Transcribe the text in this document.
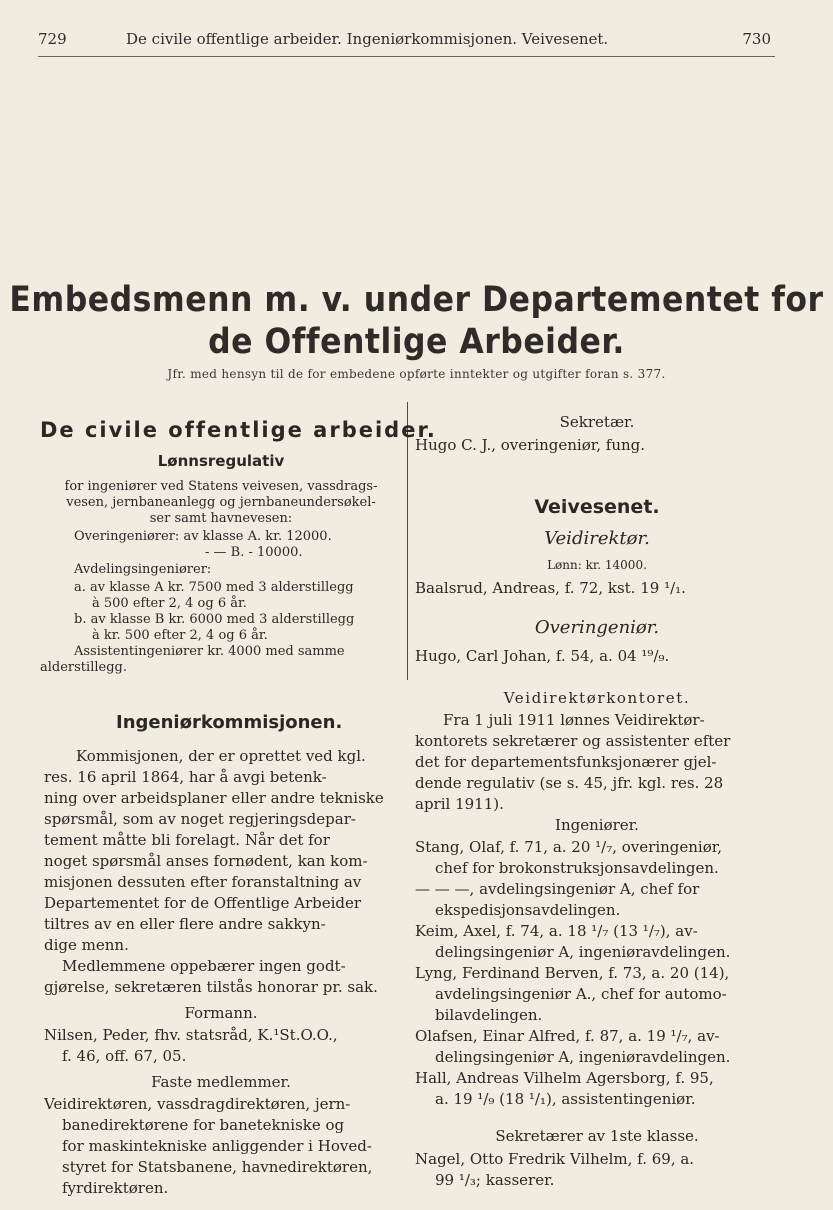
729	De civile offentlige arbeider. Ingeniørkommisjonen. Veivesenet.	730
Embedsmenn m. v. under Departementet for
de Offentlige Arbeider.
Jfr. med hensyn til de for embedene opførte inntekter og utgifter foran s. 377.
De civile offentlige arbeider.
Lønnsregulativ
for ingeniører ved Statens veivesen, vassdrags-
vesen, jernbaneanlegg og jernbaneundersøkel-
ser samt havnevesen:
Overingeniører: av klasse A. kr. 12000.
- — B. - 10000.
Avdelingsingeniører:
a. av klasse A kr. 7500 med 3 alderstillegg
à 500 efter 2, 4 og 6 år.
b. av klasse B kr. 6000 med 3 alderstillegg
à kr. 500 efter 2, 4 og 6 år.
Assistentingeniører kr. 4000 med samme
alderstillegg.
Ingeniørkommisjonen.
Kommisjonen, der er oprettet ved kgl.
res. 16 april 1864, har å avgi betenk-
ning over arbeidsplaner eller andre tekniske
spørsmål, som av noget regjeringsdepar-
tement måtte bli forelagt. Når det for
noget spørsmål anses fornødent, kan kom-
misjonen dessuten efter foranstaltning av
Departementet for de Offentlige Arbeider
tiltres av en eller flere andre sakkyn-
dige menn.
Medlemmene oppebærer ingen godt-
gjørelse, sekretæren tilstås honorar pr. sak.
Formann.
Nilsen, Peder, fhv. statsråd, K.¹St.O.O.,
f. 46, off. 67, 05.
Faste medlemmer.
Veidirektøren, vassdragdirektøren, jern-
banedirektørene for banetekniske og
for maskintekniske anliggender i Hoved-
styret for Statsbanene, havnedirektøren,
fyrdirektøren.
Sekretær.
Hugo C. J., overingeniør, fung.
Veivesenet.
Veidirektør.
Lønn: kr. 14000.
Baalsrud, Andreas, f. 72, kst. 19 ¹/₁.
Overingeniør.
Hugo, Carl Johan, f. 54, a. 04 ¹⁹/₉.
Veidirektørkontoret.
Fra 1 juli 1911 lønnes Veidirektør-
kontorets sekretærer og assistenter efter
det for departementsfunksjonærer gjel-
dende regulativ (se s. 45, jfr. kgl. res. 28
april 1911).
Ingeniører.
Stang, Olaf, f. 71, a. 20 ¹/₇, overingeniør,
chef for brokonstruksjonsavdelingen.
— — —, avdelingsingeniør A, chef for
ekspedisjonsavdelingen.
Keim, Axel, f. 74, a. 18 ¹/₇ (13 ¹/₇), av-
delingsingeniør A, ingeniøravdelingen.
Lyng, Ferdinand Berven, f. 73, a. 20 (14),
avdelingsingeniør A., chef for automo-
bilavdelingen.
Olafsen, Einar Alfred, f. 87, a. 19 ¹/₇, av-
delingsingeniør A, ingeniøravdelingen.
Hall, Andreas Vilhelm Agersborg, f. 95,
a. 19 ¹/₉ (18 ¹/₁), assistentingeniør.
Sekretærer av 1ste klasse.
Nagel, Otto Fredrik Vilhelm, f. 69, a.
99 ¹/₃; kasserer.
